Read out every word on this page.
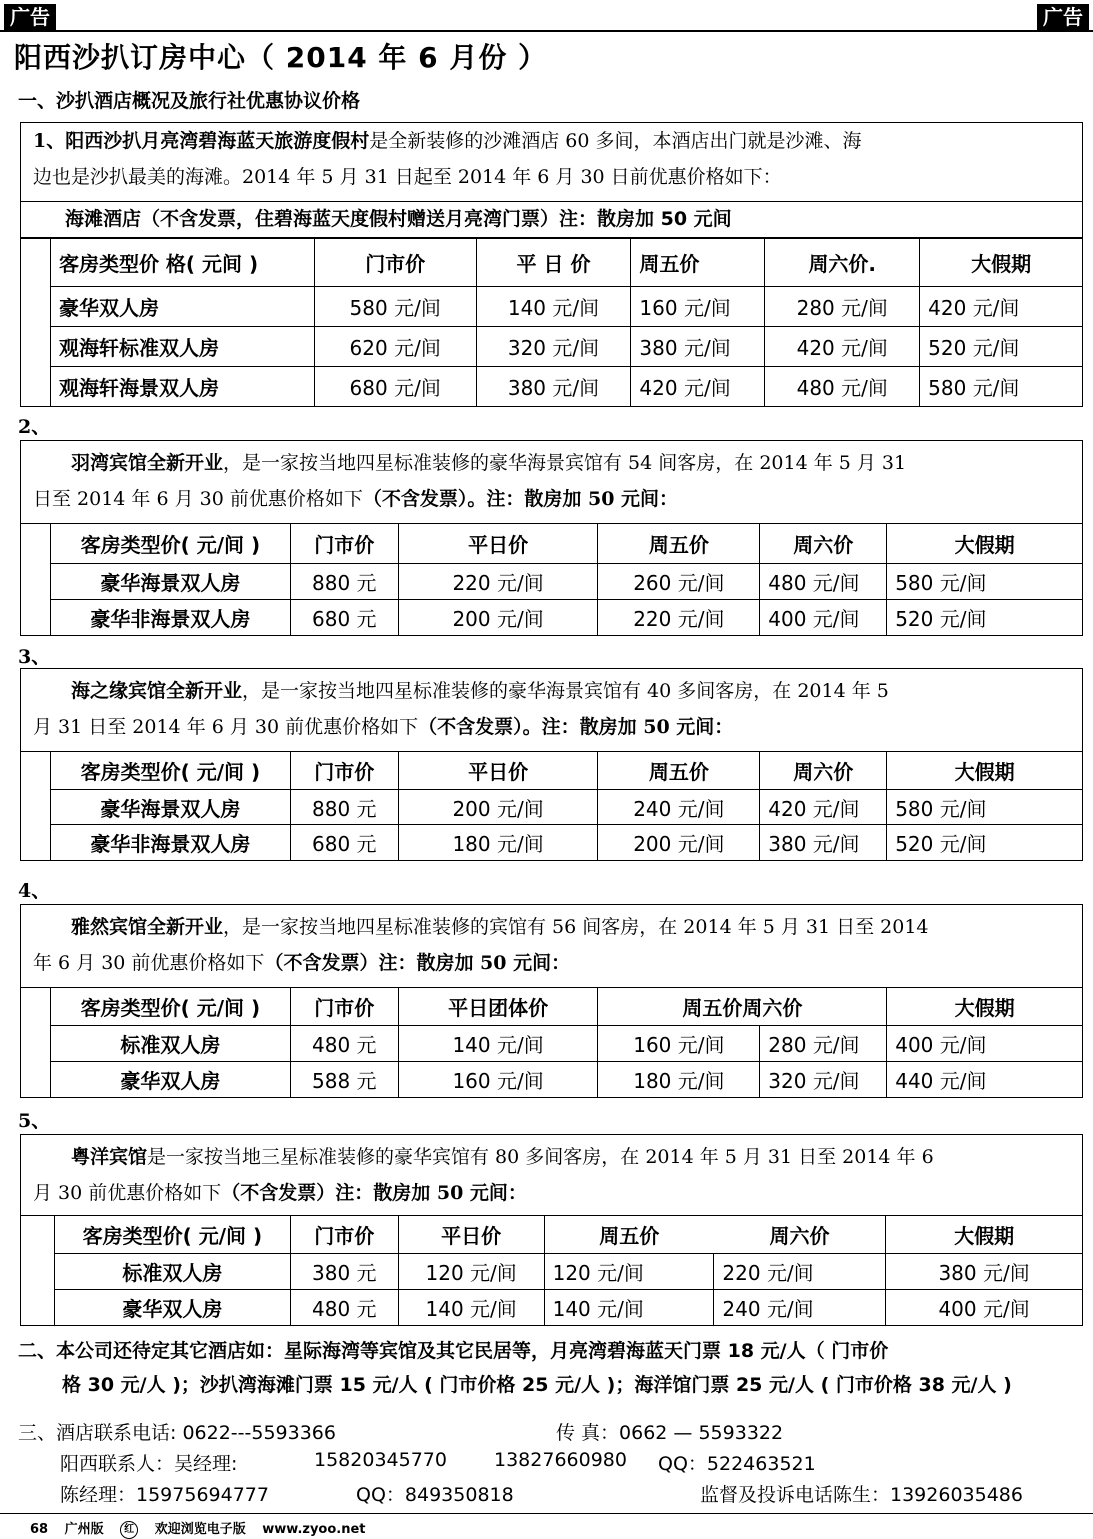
广告	广告
阳西沙扒订房中心（ 2014 年 6 月份 ）
一、沙扒酒店概况及旅行社优惠协议价格

1、阳西沙扒月亮湾碧海蓝天旅游度假村是全新装修的沙滩酒店 60 多间，本酒店出门就是沙滩、海

边也是沙扒最美的海滩。2014 年 5 月 31 日起至 2014 年 6 月 30 日前优惠价格如下：

海滩酒店（不含发票，住碧海蓝天度假村赠送月亮湾门票）注：散房加 50 元间
	客房类型价 格( 元间 )	门市价	平 日 价	周五价	周六价.	大假期
	豪华双人房	580 元/间	140 元/间	160 元/间	280 元/间	420 元/间
	观海轩标准双人房	620 元/间	320 元/间	380 元/间	420 元/间	520 元/间
	观海轩海景双人房	680 元/间	380 元/间	420 元/间	480 元/间	580 元/间
2、

羽湾宾馆全新开业，是一家按当地四星标准装修的豪华海景宾馆有 54 间客房，在 2014 年 5 月 31

日至 2014 年 6 月 30 前优惠价格如下（不含发票）。注：散房加 50 元间：

	客房类型价( 元/间 )	门市价	平日价	周五价	周六价	大假期
	豪华海景双人房	880 元	220 元/间	260 元/间	480 元/间	580 元/间
	豪华非海景双人房	680 元	200 元/间	220 元/间	400 元/间	520 元/间
3、

海之缘宾馆全新开业，是一家按当地四星标准装修的豪华海景宾馆有 40 多间客房，在 2014 年 5

月 31 日至 2014 年 6 月 30 前优惠价格如下（不含发票）。注：散房加 50 元间：

	客房类型价( 元/间 )	门市价	平日价	周五价	周六价	大假期
	豪华海景双人房	880 元	200 元/间	240 元/间	420 元/间	580 元/间
	豪华非海景双人房	680 元	180 元/间	200 元/间	380 元/间	520 元/间
4、

雅然宾馆全新开业，是一家按当地四星标准装修的宾馆有 56 间客房，在 2014 年 5 月 31 日至 2014

年 6 月 30 前优惠价格如下（不含发票）注：散房加 50 元间：

	客房类型价( 元/间 )	门市价	平日团体价	周五价周六价		大假期
	标准双人房	480 元	140 元/间	160 元/间	280 元/间	400 元/间
	豪华双人房	588 元	160 元/间	180 元/间	320 元/间	440 元/间
5、

粤洋宾馆是一家按当地三星标准装修的豪华宾馆有 80 多间客房，在 2014 年 5 月 31 日至 2014 年 6

月 30 前优惠价格如下（不含发票）注：散房加 50 元间：

	客房类型价( 元/间 )	门市价	平日价	周五价	周六价	大假期
	标准双人房	380 元	120 元/间	120 元/间	220 元/间	380 元/间
	豪华双人房	480 元	140 元/间	140 元/间	240 元/间	400 元/间
二、本公司还待定其它酒店如：星际海湾等宾馆及其它民居等，月亮湾碧海蓝天门票 18 元/人（ 门市价
格 30 元/人 )；沙扒湾海滩门票 15 元/人 ( 门市价格 25 元/人 )；海洋馆门票 25 元/人 ( 门市价格 38 元/人 )
三、酒店联系电话: 0622---5593366	传 真：0662 — 5593322
阳西联系人：吴经理:	15820345770 13827660980 QQ：522463521
陈经理：15975694777	QQ：849350818	监督及投诉电话陈生：13926035486
68 广州版 红 欢迎浏览电子版 www.zyoo.net
